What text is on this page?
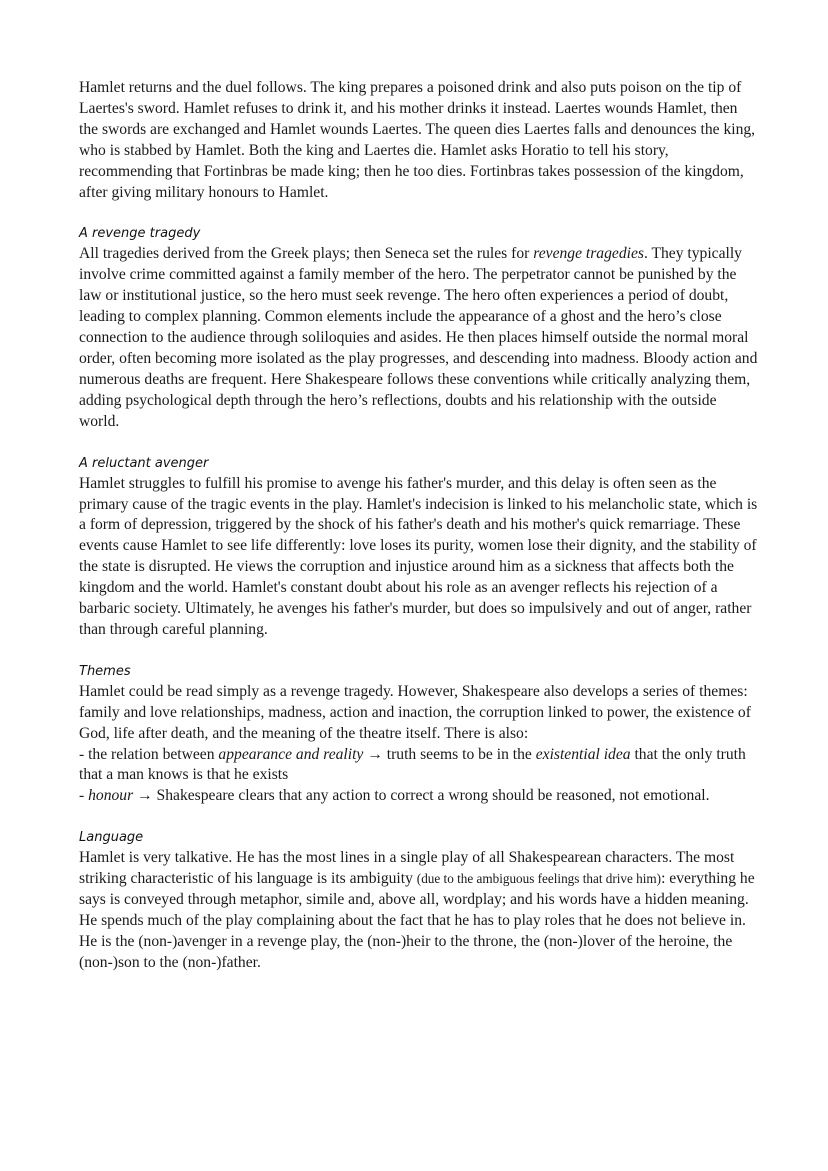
Hamlet returns and the duel follows. The king prepares a poisoned drink and also puts poison on the tip of Laertes's sword. Hamlet refuses to drink it, and his mother drinks it instead. Laertes wounds Hamlet, then the swords are exchanged and Hamlet wounds Laertes. The queen dies Laertes falls and denounces the king, who is stabbed by Hamlet. Both the king and Laertes die. Hamlet asks Horatio to tell his story, recommending that Fortinbras be made king; then he too dies. Fortinbras takes possession of the kingdom, after giving military honours to Hamlet.

A revenge tragedy

All tragedies derived from the Greek plays; then Seneca set the rules for revenge tragedies. They typically involve crime committed against a family member of the hero. The perpetrator cannot be punished by the law or institutional justice, so the hero must seek revenge. The hero often experiences a period of doubt, leading to complex planning. Common elements include the appearance of a ghost and the hero’s close connection to the audience through soliloquies and asides. He then places himself outside the normal moral order, often becoming more isolated as the play progresses, and descending into madness. Bloody action and numerous deaths are frequent. Here Shakespeare follows these conventions while critically analyzing them, adding psychological depth through the hero’s reflections, doubts and his relationship with the outside world.

A reluctant avenger

Hamlet struggles to fulfill his promise to avenge his father's murder, and this delay is often seen as the primary cause of the tragic events in the play. Hamlet's indecision is linked to his melancholic state, which is a form of depression, triggered by the shock of his father's death and his mother's quick remarriage. These events cause Hamlet to see life differently: love loses its purity, women lose their dignity, and the stability of the state is disrupted. He views the corruption and injustice around him as a sickness that affects both the kingdom and the world. Hamlet's constant doubt about his role as an avenger reflects his rejection of a barbaric society. Ultimately, he avenges his father's murder, but does so impulsively and out of anger, rather than through careful planning.

Themes

Hamlet could be read simply as a revenge tragedy. However, Shakespeare also develops a series of themes: family and love relationships, madness, action and inaction, the corruption linked to power, the existence of God, life after death, and the meaning of the theatre itself. There is also:

- the relation between appearance and reality → truth seems to be in the existential idea that the only truth that a man knows is that he exists

- honour → Shakespeare clears that any action to correct a wrong should be reasoned, not emotional.

Language

Hamlet is very talkative. He has the most lines in a single play of all Shakespearean characters. The most striking characteristic of his language is its ambiguity (due to the ambiguous feelings that drive him): everything he says is conveyed through metaphor, simile and, above all, wordplay; and his words have a hidden meaning. He spends much of the play complaining about the fact that he has to play roles that he does not believe in. He is the (non-)avenger in a revenge play, the (non-)heir to the throne, the (non-)lover of the heroine, the (non-)son to the (non-)father.
